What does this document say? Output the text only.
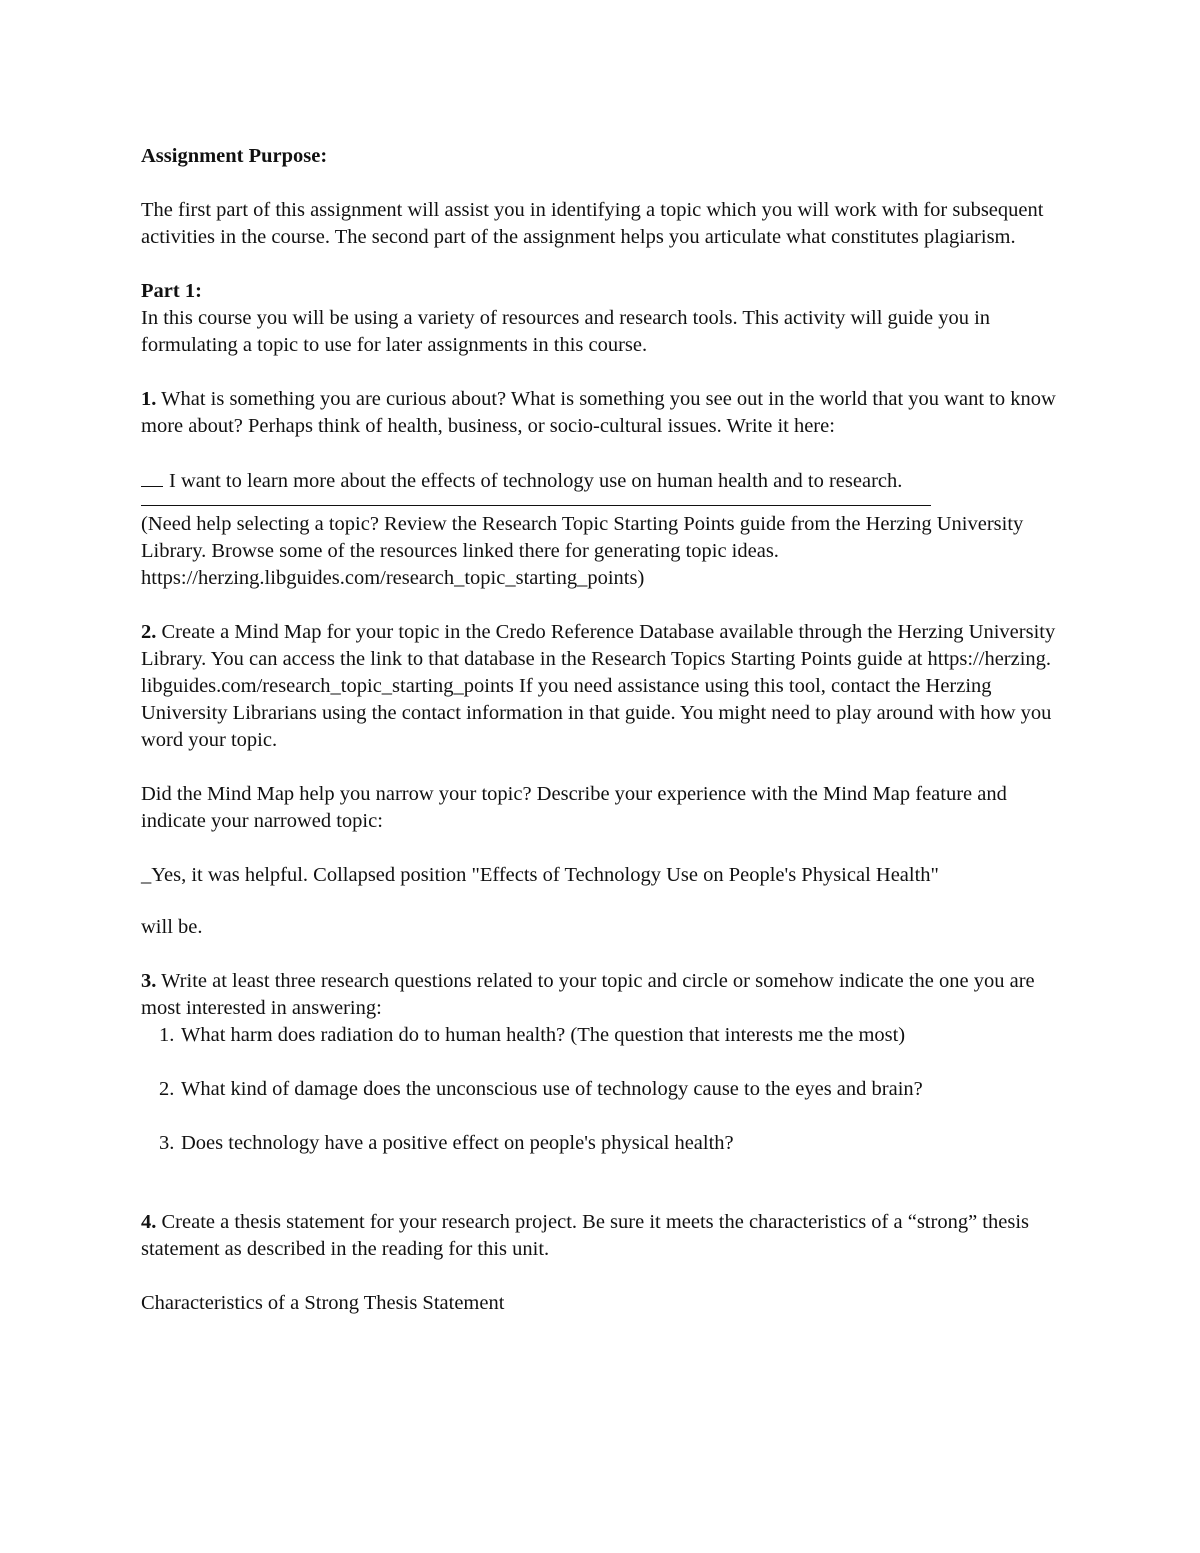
Assignment Purpose:

The first part of this assignment will assist you in identifying a topic which you will work with for subsequent activities in the course. The second part of the assignment helps you articulate what constitutes plagiarism.

Part 1:

In this course you will be using a variety of resources and research tools. This activity will guide you in formulating a topic to use for later assignments in this course.

1. What is something you are curious about? What is something you see out in the world that you want to know more about? Perhaps think of health, business, or socio-cultural issues. Write it here:

I want to learn more about the effects of technology use on human health and to research.

(Need help selecting a topic? Review the Research Topic Starting Points guide from the Herzing University Library. Browse some of the resources linked there for generating topic ideas. https://herzing.libguides.com/research_topic_starting_points)

2. Create a Mind Map for your topic in the Credo Reference Database available through the Herzing University Library. You can access the link to that database in the Research Topics Starting Points guide at https://herzing. libguides.com/research_topic_starting_points If you need assistance using this tool, contact the Herzing University Librarians using the contact information in that guide. You might need to play around with how you word your topic.

Did the Mind Map help you narrow your topic? Describe your experience with the Mind Map feature and indicate your narrowed topic:

_Yes, it was helpful. Collapsed position "Effects of Technology Use on People's Physical Health"

will be.

3. Write at least three research questions related to your topic and circle or somehow indicate the one you are most interested in answering:

1. What harm does radiation do to human health? (The question that interests me the most)
2. What kind of damage does the unconscious use of technology cause to the eyes and brain?
3. Does technology have a positive effect on people's physical health?

4. Create a thesis statement for your research project. Be sure it meets the characteristics of a “strong” thesis statement as described in the reading for this unit.

Characteristics of a Strong Thesis Statement
